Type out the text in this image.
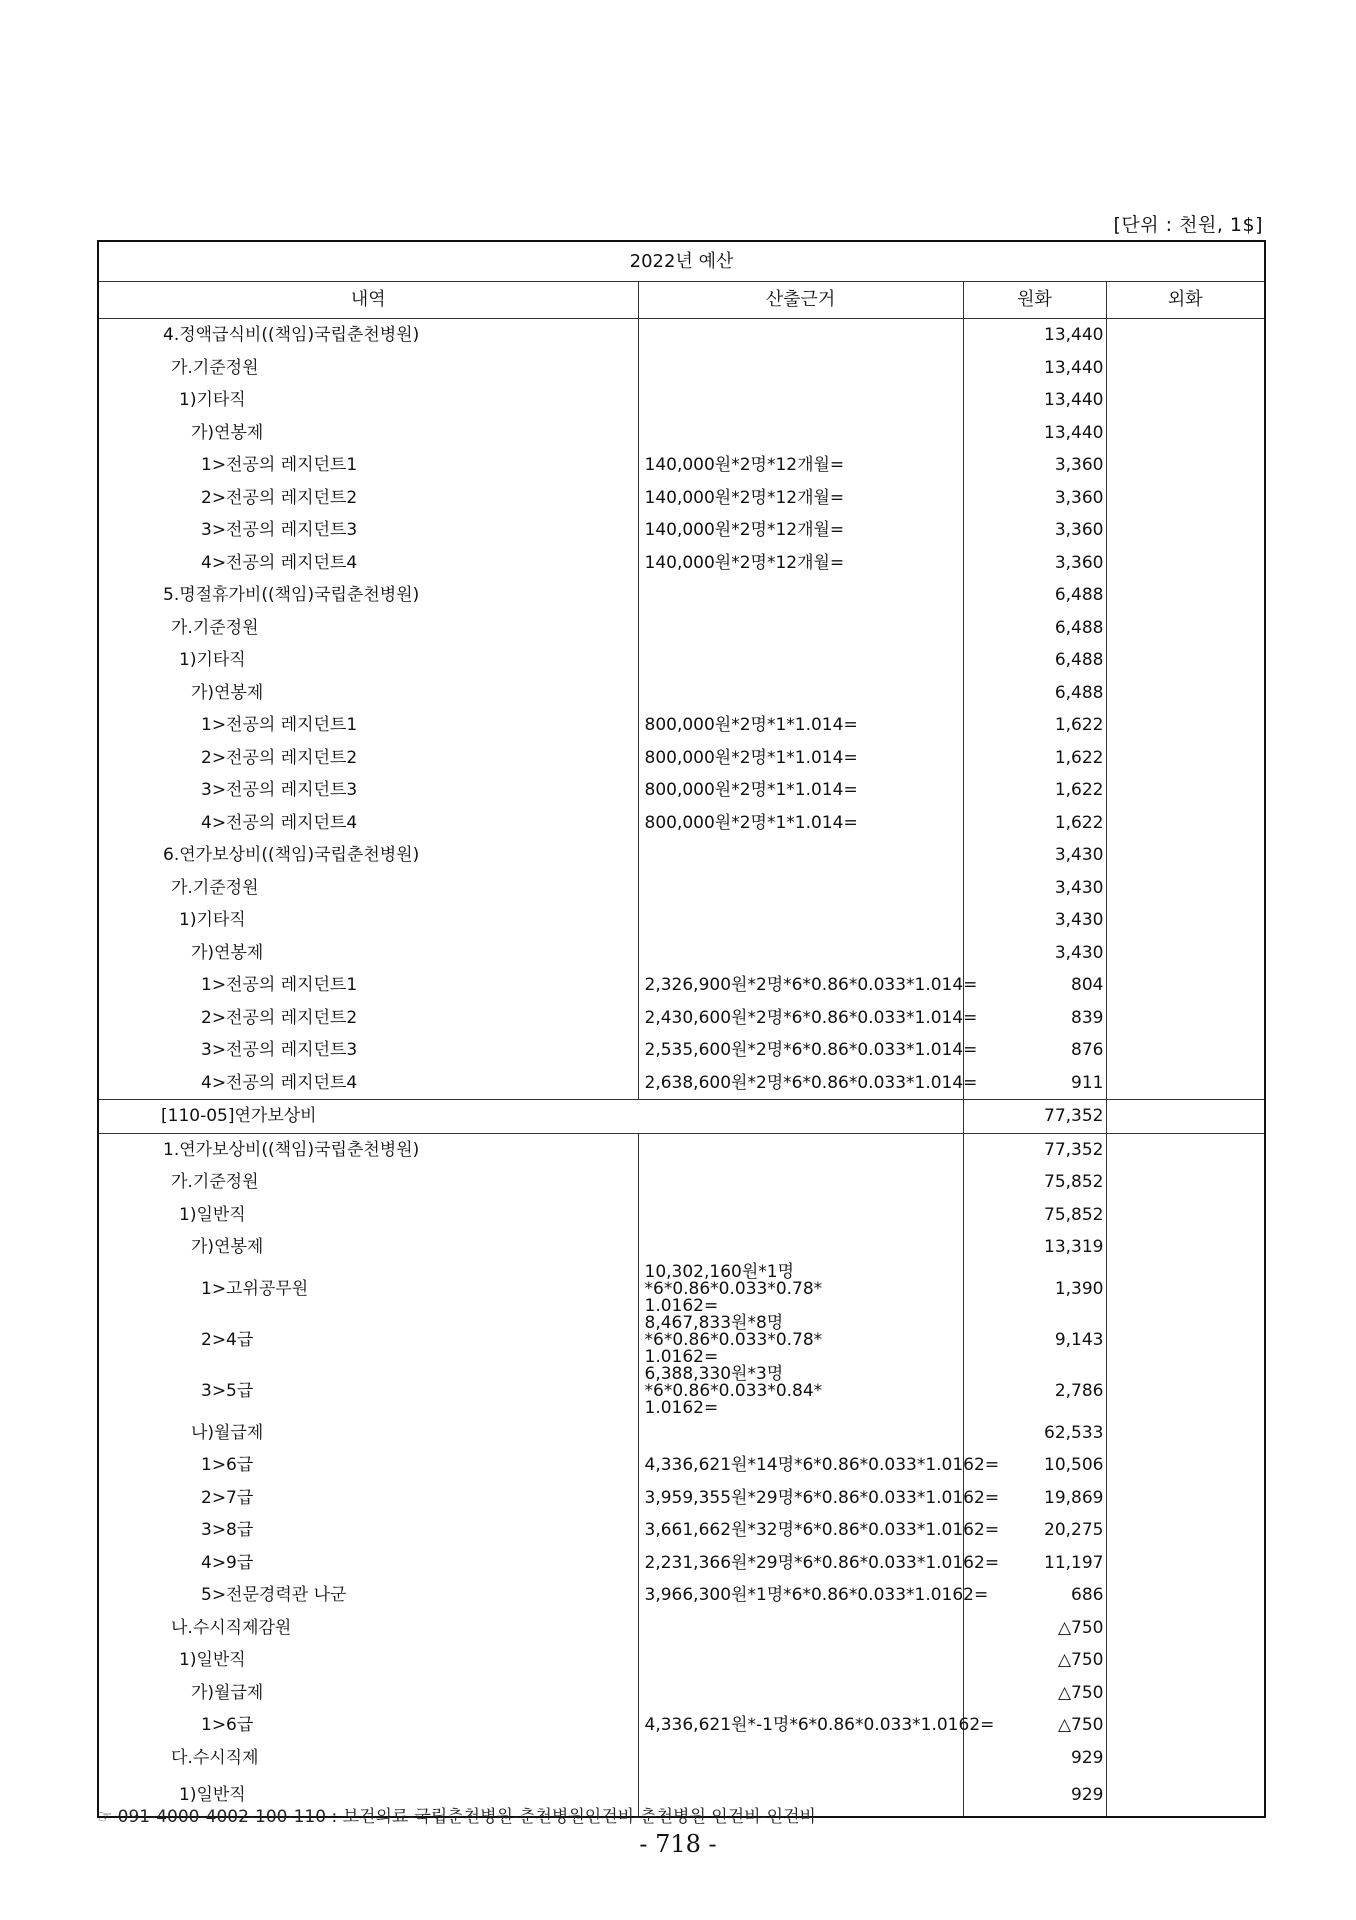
[단위 : 천원, 1$]
2022년 예산			
내역	산출근거	원화	외화
4.정액급식비((책임)국립춘천병원)		13,440	
가.기준정원		13,440	
1)기타직		13,440	
가)연봉제		13,440	
1>전공의 레지던트1	140,000원*2명*12개월=	3,360	
2>전공의 레지던트2	140,000원*2명*12개월=	3,360	
3>전공의 레지던트3	140,000원*2명*12개월=	3,360	
4>전공의 레지던트4	140,000원*2명*12개월=	3,360	
5.명절휴가비((책임)국립춘천병원)		6,488	
가.기준정원		6,488	
1)기타직		6,488	
가)연봉제		6,488	
1>전공의 레지던트1	800,000원*2명*1*1.014=	1,622	
2>전공의 레지던트2	800,000원*2명*1*1.014=	1,622	
3>전공의 레지던트3	800,000원*2명*1*1.014=	1,622	
4>전공의 레지던트4	800,000원*2명*1*1.014=	1,622	
6.연가보상비((책임)국립춘천병원)		3,430	
가.기준정원		3,430	
1)기타직		3,430	
가)연봉제		3,430	
1>전공의 레지던트1	2,326,900원*2명*6*0.86*0.033*1.014=	804	
2>전공의 레지던트2	2,430,600원*2명*6*0.86*0.033*1.014=	839	
3>전공의 레지던트3	2,535,600원*2명*6*0.86*0.033*1.014=	876	
4>전공의 레지던트4	2,638,600원*2명*6*0.86*0.033*1.014=	911	
[110-05]연가보상비		77,352	
1.연가보상비((책임)국립춘천병원)		77,352	
가.기준정원		75,852	
1)일반직		75,852	
가)연봉제		13,319	
1>고위공무원	10,302,160원*1명*6*0.86*0.033*0.78*
1.0162=	1,390	
2>4급	8,467,833원*8명*6*0.86*0.033*0.78*
1.0162=	9,143	
3>5급	6,388,330원*3명*6*0.86*0.033*0.84*
1.0162=	2,786	
나)월급제		62,533	
1>6급	4,336,621원*14명*6*0.86*0.033*1.0162=	10,506	
2>7급	3,959,355원*29명*6*0.86*0.033*1.0162=	19,869	
3>8급	3,661,662원*32명*6*0.86*0.033*1.0162=	20,275	
4>9급	2,231,366원*29명*6*0.86*0.033*1.0162=	11,197	
5>전문경력관 나군	3,966,300원*1명*6*0.86*0.033*1.0162=	686	
나.수시직제감원		△750	
1)일반직		△750	
가)월급제		△750	
1>6급	4,336,621원*-1명*6*0.86*0.033*1.0162=	△750	
다.수시직제		929	
1)일반직		929	
☞ 091-4000-4002-100-110 : 보건의료-국립춘천병원-춘천병원인건비-춘천병원 인건비-인건비
- 718 -
